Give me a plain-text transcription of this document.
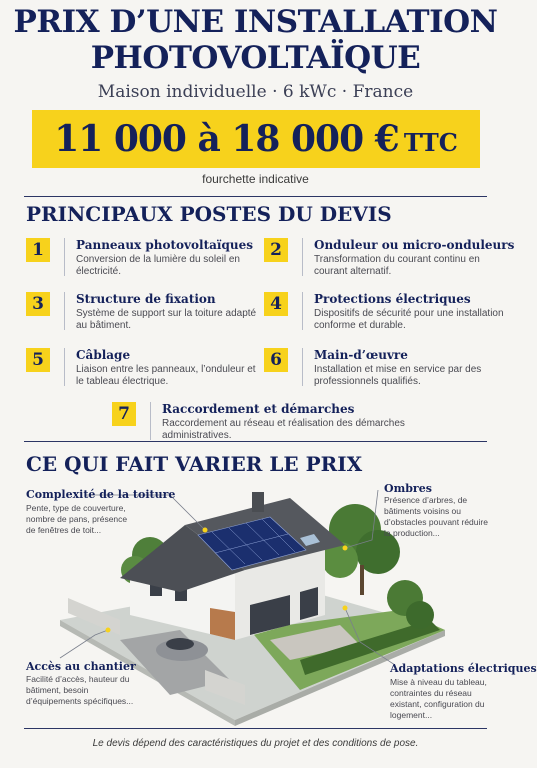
PRIX D’UNE INSTALLATION
PHOTOVOLTAÏQUE
Maison individuelle · 6 kWc · France
11 000 à 18 000 € TTC
fourchette indicative
PRINCIPAUX POSTES DU DEVIS
1	Panneaux photovoltaïques
Conversion de la lumière du soleil en électricité.
2	Onduleur ou micro-onduleurs
Transformation du courant continu en courant alternatif.
3	Structure de fixation
Système de support sur la toiture adapté au bâtiment.
4	Protections électriques
Dispositifs de sécurité pour une installation conforme et durable.
5	Câblage
Liaison entre les panneaux, l’onduleur et le tableau électrique.
6	Main-d’œuvre
Installation et mise en service par des professionnels qualifiés.
7	Raccordement et démarches
Raccordement au réseau et réalisation des démarches administratives.
CE QUI FAIT VARIER LE PRIX
Complexité de la toiture
Pente, type de couverture, nombre de pans, présence de fenêtres de toit...
Ombres
Présence d’arbres, de bâtiments voisins ou d’obstacles pouvant réduire la production...
Accès au chantier
Facilité d’accès, hauteur du bâtiment, besoin d’équipements spécifiques...
Adaptations électriques
Mise à niveau du tableau, contraintes du réseau existant, configuration du logement...
Le devis dépend des caractéristiques du projet et des conditions de pose.
